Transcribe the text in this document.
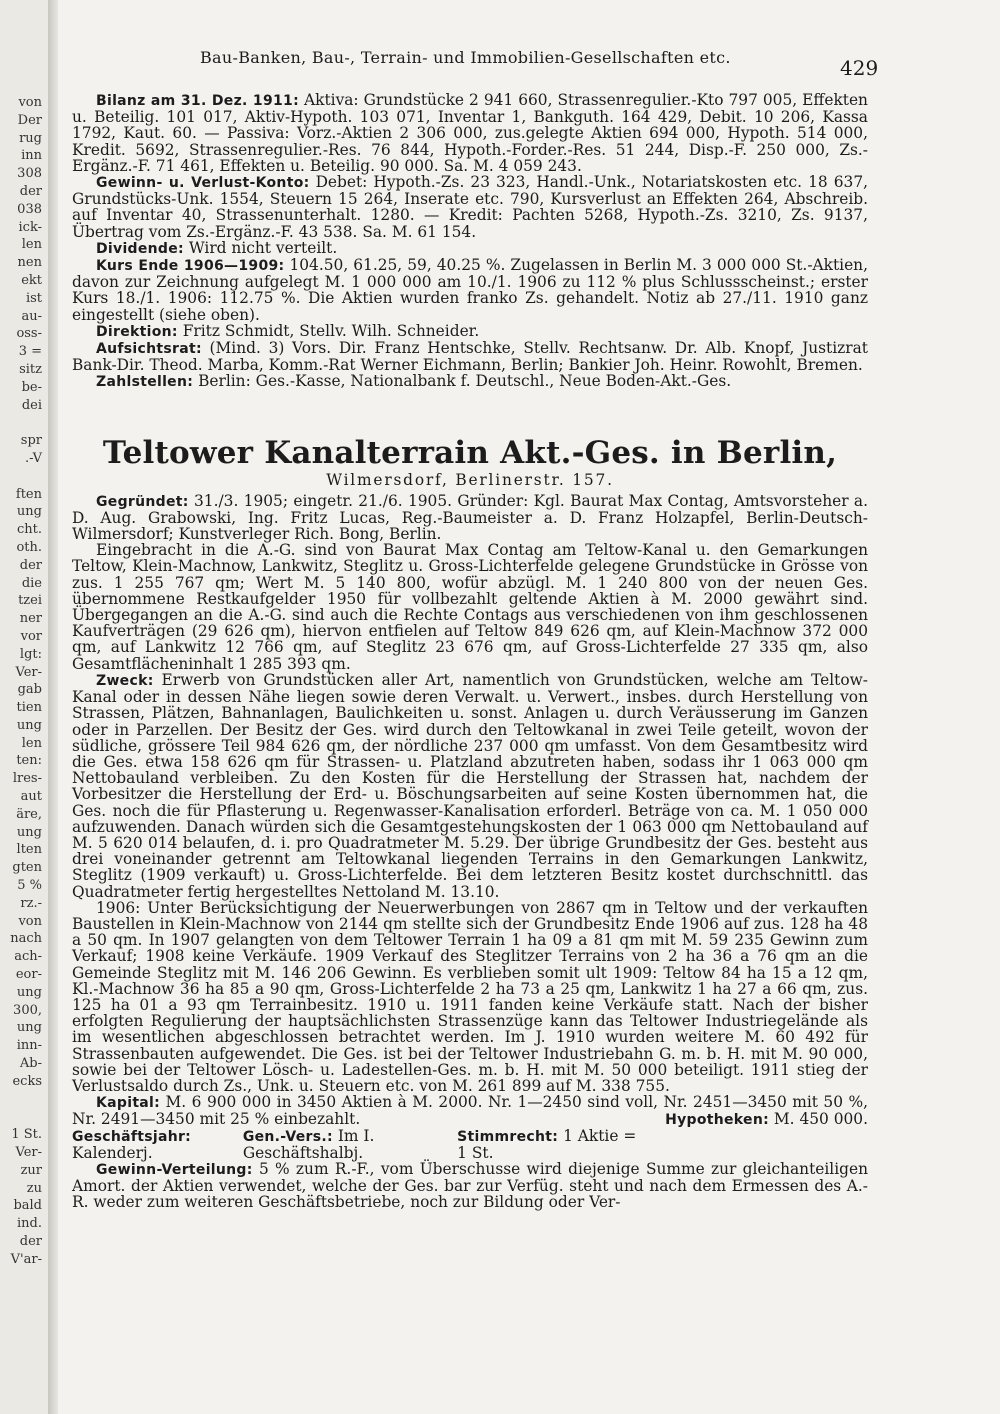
von
Der
rug
inn
308
der
038
ick-
len
nen
ekt
ist
au-
oss-
3 =
sitz
be-
dei

spr
.-V

ften
ung
cht.
oth.
der
die
tzei
ner
vor
lgt:
Ver-
gab
tien
ung
len
ten:
lres-
aut
äre,
ung
lten
gten
5 %
rz.-
von
nach
ach-
eor-
ung
300,
ung
inn-
Ab-
ecks

1 St.
Ver-
zur
zu
bald
ind.
der
V'ar-
Bau-Banken, Bau-, Terrain- und Immobilien-Gesellschaften etc.	429

Bilanz am 31. Dez. 1911: Aktiva: Grundstücke 2 941 660, Strassenregulier.-Kto 797 005, Effekten u. Beteilig. 101 017, Aktiv-Hypoth. 103 071, Inventar 1, Bankguth. 164 429, Debit. 10 206, Kassa 1792, Kaut. 60. — Passiva: Vorz.-Aktien 2 306 000, zus.gelegte Aktien 694 000, Hypoth. 514 000, Kredit. 5692, Strassenregulier.-Res. 76 844, Hypoth.-Forder.-Res. 51 244, Disp.-F. 250 000, Zs.-Ergänz.-F. 71 461, Effekten u. Beteilig. 90 000. Sa. M. 4 059 243.

Gewinn- u. Verlust-Konto: Debet: Hypoth.-Zs. 23 323, Handl.-Unk., Notariatskosten etc. 18 637, Grundstücks-Unk. 1554, Steuern 15 264, Inserate etc. 790, Kursverlust an Effekten 264, Abschreib. auf Inventar 40, Strassenunterhalt. 1280. — Kredit: Pachten 5268, Hypoth.-Zs. 3210, Zs. 9137, Übertrag vom Zs.-Ergänz.-F. 43 538. Sa. M. 61 154.

Dividende: Wird nicht verteilt.

Kurs Ende 1906—1909: 104.50, 61.25, 59, 40.25 %. Zugelassen in Berlin M. 3 000 000 St.-Aktien, davon zur Zeichnung aufgelegt M. 1 000 000 am 10./1. 1906 zu 112 % plus Schlussscheinst.; erster Kurs 18./1. 1906: 112.75 %. Die Aktien wurden franko Zs. gehandelt. Notiz ab 27./11. 1910 ganz eingestellt (siehe oben).

Direktion: Fritz Schmidt, Stellv. Wilh. Schneider.

Aufsichtsrat: (Mind. 3) Vors. Dir. Franz Hentschke, Stellv. Rechtsanw. Dr. Alb. Knopf, Justizrat Bank-Dir. Theod. Marba, Komm.-Rat Werner Eichmann, Berlin; Bankier Joh. Heinr. Rowohlt, Bremen.

Zahlstellen: Berlin: Ges.-Kasse, Nationalbank f. Deutschl., Neue Boden-Akt.-Ges.

Teltower Kanalterrain Akt.-Ges. in Berlin,
Wilmersdorf, Berlinerstr. 157.

Gegründet: 31./3. 1905; eingetr. 21./6. 1905. Gründer: Kgl. Baurat Max Contag, Amtsvorsteher a. D. Aug. Grabowski, Ing. Fritz Lucas, Reg.-Baumeister a. D. Franz Holzapfel, Berlin-Deutsch-Wilmersdorf; Kunstverleger Rich. Bong, Berlin.

Eingebracht in die A.-G. sind von Baurat Max Contag am Teltow-Kanal u. den Gemarkungen Teltow, Klein-Machnow, Lankwitz, Steglitz u. Gross-Lichterfelde gelegene Grundstücke in Grösse von zus. 1 255 767 qm; Wert M. 5 140 800, wofür abzügl. M. 1 240 800 von der neuen Ges. übernommene Restkaufgelder 1950 für vollbezahlt geltende Aktien à M. 2000 gewährt sind. Übergegangen an die A.-G. sind auch die Rechte Contags aus verschiedenen von ihm geschlossenen Kaufverträgen (29 626 qm), hiervon entfielen auf Teltow 849 626 qm, auf Klein-Machnow 372 000 qm, auf Lankwitz 12 766 qm, auf Steglitz 23 676 qm, auf Gross-Lichterfelde 27 335 qm, also Gesamtflächeninhalt 1 285 393 qm.

Zweck: Erwerb von Grundstücken aller Art, namentlich von Grundstücken, welche am Teltow-Kanal oder in dessen Nähe liegen sowie deren Verwalt. u. Verwert., insbes. durch Herstellung von Strassen, Plätzen, Bahnanlagen, Baulichkeiten u. sonst. Anlagen u. durch Veräusserung im Ganzen oder in Parzellen. Der Besitz der Ges. wird durch den Teltowkanal in zwei Teile geteilt, wovon der südliche, grössere Teil 984 626 qm, der nördliche 237 000 qm umfasst. Von dem Gesamtbesitz wird die Ges. etwa 158 626 qm für Strassen- u. Platzland abzutreten haben, sodass ihr 1 063 000 qm Nettobauland verbleiben. Zu den Kosten für die Herstellung der Strassen hat, nachdem der Vorbesitzer die Herstellung der Erd- u. Böschungsarbeiten auf seine Kosten übernommen hat, die Ges. noch die für Pflasterung u. Regenwasser-Kanalisation erforderl. Beträge von ca. M. 1 050 000 aufzuwenden. Danach würden sich die Gesamtgestehungskosten der 1 063 000 qm Nettobauland auf M. 5 620 014 belaufen, d. i. pro Quadratmeter M. 5.29. Der übrige Grundbesitz der Ges. besteht aus drei voneinander getrennt am Teltowkanal liegenden Terrains in den Gemarkungen Lankwitz, Steglitz (1909 verkauft) u. Gross-Lichterfelde. Bei dem letzteren Besitz kostet durchschnittl. das Quadratmeter fertig hergestelltes Nettoland M. 13.10.

1906: Unter Berücksichtigung der Neuerwerbungen von 2867 qm in Teltow und der verkauften Baustellen in Klein-Machnow von 2144 qm stellte sich der Grundbesitz Ende 1906 auf zus. 128 ha 48 a 50 qm. In 1907 gelangten von dem Teltower Terrain 1 ha 09 a 81 qm mit M. 59 235 Gewinn zum Verkauf; 1908 keine Verkäufe. 1909 Verkauf des Steglitzer Terrains von 2 ha 36 a 76 qm an die Gemeinde Steglitz mit M. 146 206 Gewinn. Es verblieben somit ult 1909: Teltow 84 ha 15 a 12 qm, Kl.-Machnow 36 ha 85 a 90 qm, Gross-Lichterfelde 2 ha 73 a 25 qm, Lankwitz 1 ha 27 a 66 qm, zus. 125 ha 01 a 93 qm Terrainbesitz. 1910 u. 1911 fanden keine Verkäufe statt. Nach der bisher erfolgten Regulierung der hauptsächlichsten Strassenzüge kann das Teltower Industriegelände als im wesentlichen abgeschlossen betrachtet werden. Im J. 1910 wurden weitere M. 60 492 für Strassenbauten aufgewendet. Die Ges. ist bei der Teltower Industriebahn G. m. b. H. mit M. 90 000, sowie bei der Teltower Lösch- u. Ladestellen-Ges. m. b. H. mit M. 50 000 beteiligt. 1911 stieg der Verlustsaldo durch Zs., Unk. u. Steuern etc. von M. 261 899 auf M. 338 755.

Kapital: M. 6 900 000 in 3450 Aktien à M. 2000. Nr. 1—2450 sind voll, Nr. 2451—3450 mit 50 %, Nr. 2491—3450 mit 25 % einbezahlt.	Hypotheken: M. 450 000.

Geschäftsjahr: Kalenderj.
Gen.-Vers.: Im I. Geschäftshalbj.
Stimmrecht: 1 Aktie = 1 St.

Gewinn-Verteilung: 5 % zum R.-F., vom Überschusse wird diejenige Summe zur gleichanteiligen Amort. der Aktien verwendet, welche der Ges. bar zur Verfüg. steht und nach dem Ermessen des A.-R. weder zum weiteren Geschäftsbetriebe, noch zur Bildung oder Ver-
